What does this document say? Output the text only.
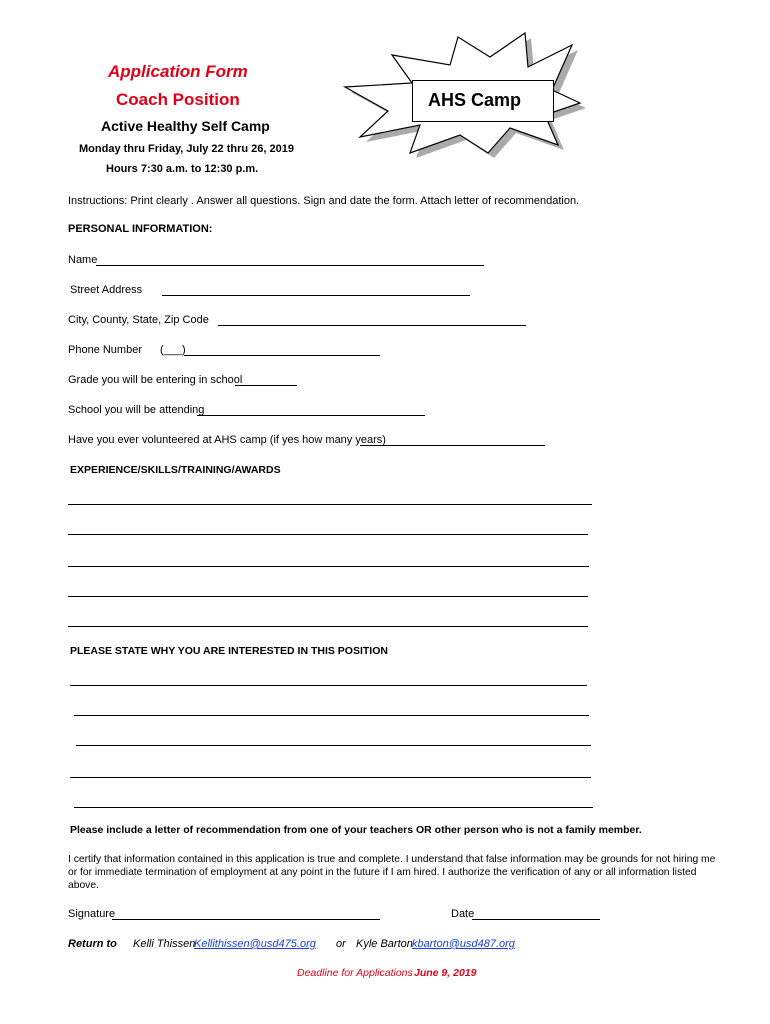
Application Form
Coach Position
Active Healthy Self Camp
Monday thru Friday, July 22 thru 26, 2019
Hours 7:30 a.m. to 12:30 p.m.
AHS Camp
Instructions: Print clearly . Answer all questions. Sign and date the form. Attach letter of recommendation.
PERSONAL INFORMATION:
Name
Street Address
City, County, State, Zip Code
Phone Number (___)
Grade you will be entering in school
School you will be attending
Have you ever volunteered at AHS camp (if yes how many years)
EXPERIENCE/SKILLS/TRAINING/AWARDS
PLEASE STATE WHY YOU ARE INTERESTED IN THIS POSITION
Please include a letter of recommendation from one of your teachers OR other person who is not a family member.
I certify that information contained in this application is true and complete. I understand that false information may be grounds for not hiring me
or for immediate termination of employment at any point in the future if I am hired. I authorize the verification of any or all information listed
above.
Signature	Date
Return to Kelli Thissen
Kellithissen@usd475.org or Kyle Barton kbarton@usd487.org
Deadline for Applications June 9, 2019
